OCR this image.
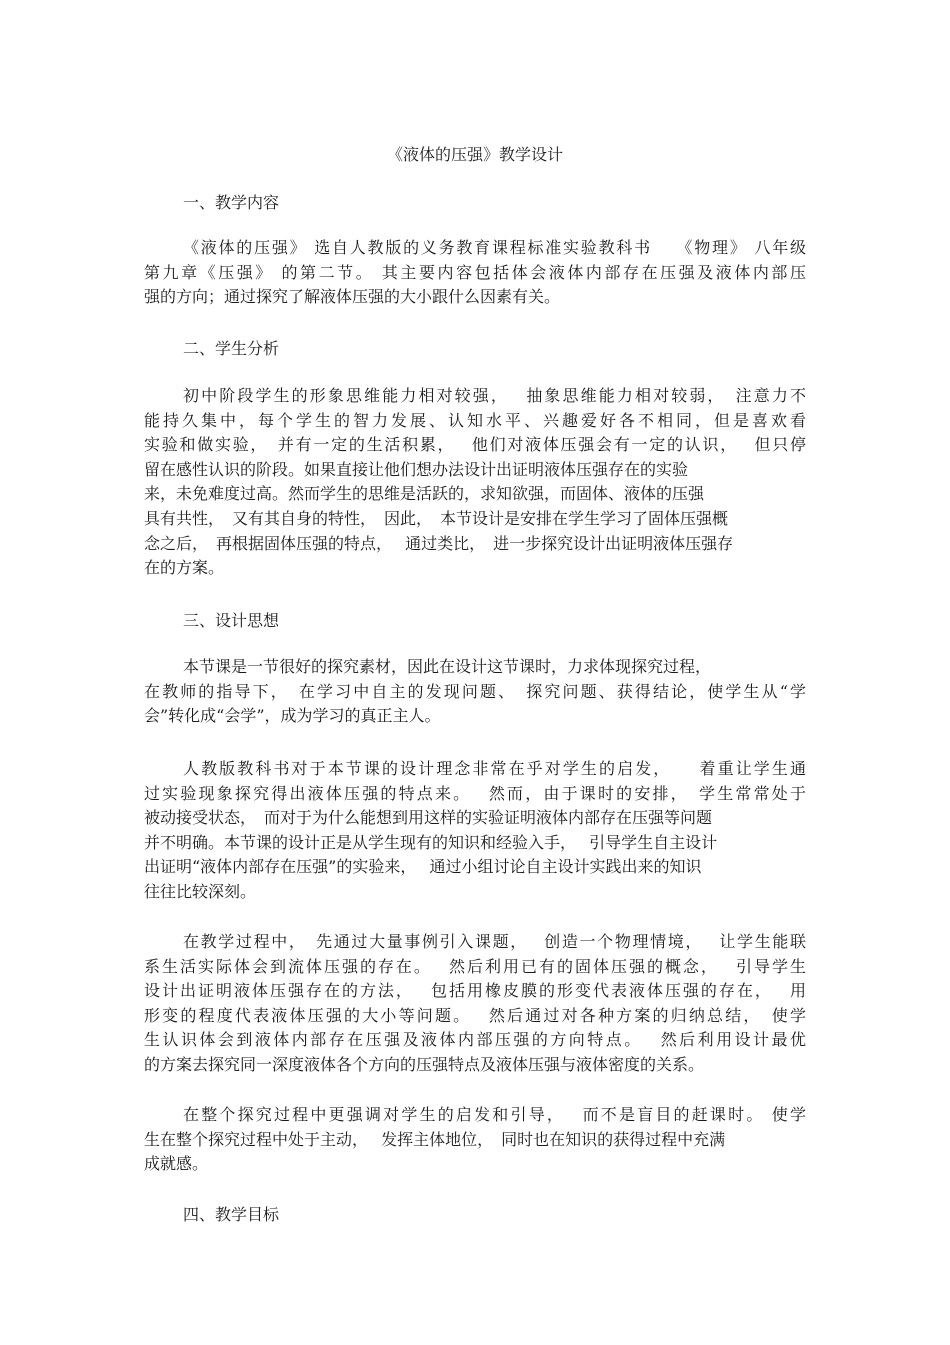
《液体的压强》教学设计
一、教学内容
《液体的压强》 选自人教版的义务教育课程标准实验教科书　 《物理》 八年级
第九章《压强》 的第二节。 其主要内容包括体会液体内部存在压强及液体内部压
强的方向；通过探究了解液体压强的大小跟什么因素有关。
二、学生分析
初中阶段学生的形象思维能力相对较强，　 抽象思维能力相对较弱，　注意力不
能持久集中，每个学生的智力发展、认知水平、兴趣爱好各不相同，但是喜欢看
实验和做实验，　并有一定的生活积累，　 他们对液体压强会有一定的认识，　 但只停
留在感性认识的阶段。如果直接让他们想办法设计出证明液体压强存在的实验
来，未免难度过高。然而学生的思维是活跃的，求知欲强，而固体、液体的压强
具有共性，　又有其自身的特性，　因此，　本节设计是安排在学生学习了固体压强概
念之后，　再根据固体压强的特点，　 通过类比，　进一步探究设计出证明液体压强存
在的方案。
三、设计思想
本节课是一节很好的探究素材，因此在设计这节课时，力求体现探究过程，
在教师的指导下，　在学习中自主的发现问题、　探究问题、获得结论，使学生从“学
会”转化成“会学”，成为学习的真正主人。
人教版教科书对于本节课的设计理念非常在乎对学生的启发，　　着重让学生通
过实验现象探究得出液体压强的特点来。　 然而，由于课时的安排，　学生常常处于
被动接受状态，　而对于为什么能想到用这样的实验证明液体内部存在压强等问题
并不明确。本节课的设计正是从学生现有的知识和经验入手，　 引导学生自主设计
出证明“液体内部存在压强”的实验来，　 通过小组讨论自主设计实践出来的知识
往往比较深刻。
在教学过程中，　先通过大量事例引入课题，　 创造一个物理情境，　 让学生能联
系生活实际体会到流体压强的存在。　 然后利用已有的固体压强的概念，　 引导学生
设计出证明液体压强存在的方法，　 包括用橡皮膜的形变代表液体压强的存在，　 用
形变的程度代表液体压强的大小等问题。　 然后通过对各种方案的归纳总结，　使学
生认识体会到液体内部存在压强及液体内部压强的方向特点。　 然后利用设计最优
的方案去探究同一深度液体各个方向的压强特点及液体压强与液体密度的关系。
在整个探究过程中更强调对学生的启发和引导，　 而不是盲目的赶课时。 使学
生在整个探究过程中处于主动，　 发挥主体地位，　同时也在知识的获得过程中充满
成就感。
四、教学目标
